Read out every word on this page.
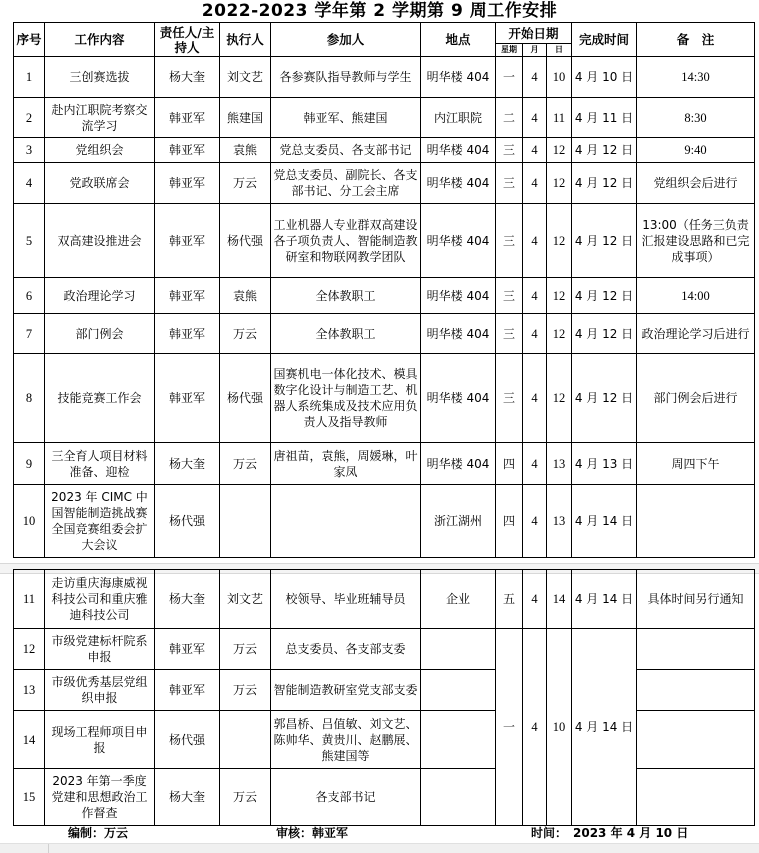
2022-2023 学年第 2 学期第 9 周工作安排
序号	工作内容	责任人/主持人	执行人	参加人	地点	开始日期			完成时间	备　注
						星期	月	日		
1	三创赛选拔	杨大奎	刘文艺	各参赛队指导教师与学生	明华楼 404	一	4	10	4 月 10 日	14:30
2	赴内江职院考察交流学习	韩亚军	熊建国	韩亚军、熊建国	内江职院	二	4	11	4 月 11 日	8:30
3	党组织会	韩亚军	袁熊	党总支委员、各支部书记	明华楼 404	三	4	12	4 月 12 日	9:40
4	党政联席会	韩亚军	万云	党总支委员、副院长、各支部书记、分工会主席	明华楼 404	三	4	12	4 月 12 日	党组织会后进行
5	双高建设推进会	韩亚军	杨代强	工业机器人专业群双高建设各子项负责人、智能制造教研室和物联网教学团队	明华楼 404	三	4	12	4 月 12 日	13:00（任务三负责汇报建设思路和已完成事项）
6	政治理论学习	韩亚军	袁熊	全体教职工	明华楼 404	三	4	12	4 月 12 日	14:00
7	部门例会	韩亚军	万云	全体教职工	明华楼 404	三	4	12	4 月 12 日	政治理论学习后进行
8	技能竞赛工作会	韩亚军	杨代强	国赛机电一体化技术、模具数字化设计与制造工艺、机器人系统集成及技术应用负责人及指导教师	明华楼 404	三	4	12	4 月 12 日	部门例会后进行
9	三全育人项目材料准备、迎检	杨大奎	万云	唐祖苗，袁熊，周媛琳，叶家凤	明华楼 404	四	4	13	4 月 13 日	周四下午
10	2023 年 CIMC 中国智能制造挑战赛全国竞赛组委会扩大会议	杨代强			浙江湖州	四	4	13	4 月 14 日	
11	走访重庆海康威视科技公司和重庆雅迪科技公司	杨大奎	刘文艺	校领导、毕业班辅导员	企业	五	4	14	4 月 14 日	具体时间另行通知
12	市级党建标杆院系申报	韩亚军	万云	总支委员、各支部支委		一	4	10	4 月 14 日	
13	市级优秀基层党组织申报	韩亚军	万云	智能制造教研室党支部支委						
14	现场工程师项目申报	杨代强		郭昌桥、吕值敏、刘文艺、陈帅华、黄贵川、赵鹏展、熊建国等						
15	2023 年第一季度党建和思想政治工作督查	杨大奎	万云	各支部书记						
编制：万云	审核：韩亚军	时间：　2023 年 4 月 10 日
